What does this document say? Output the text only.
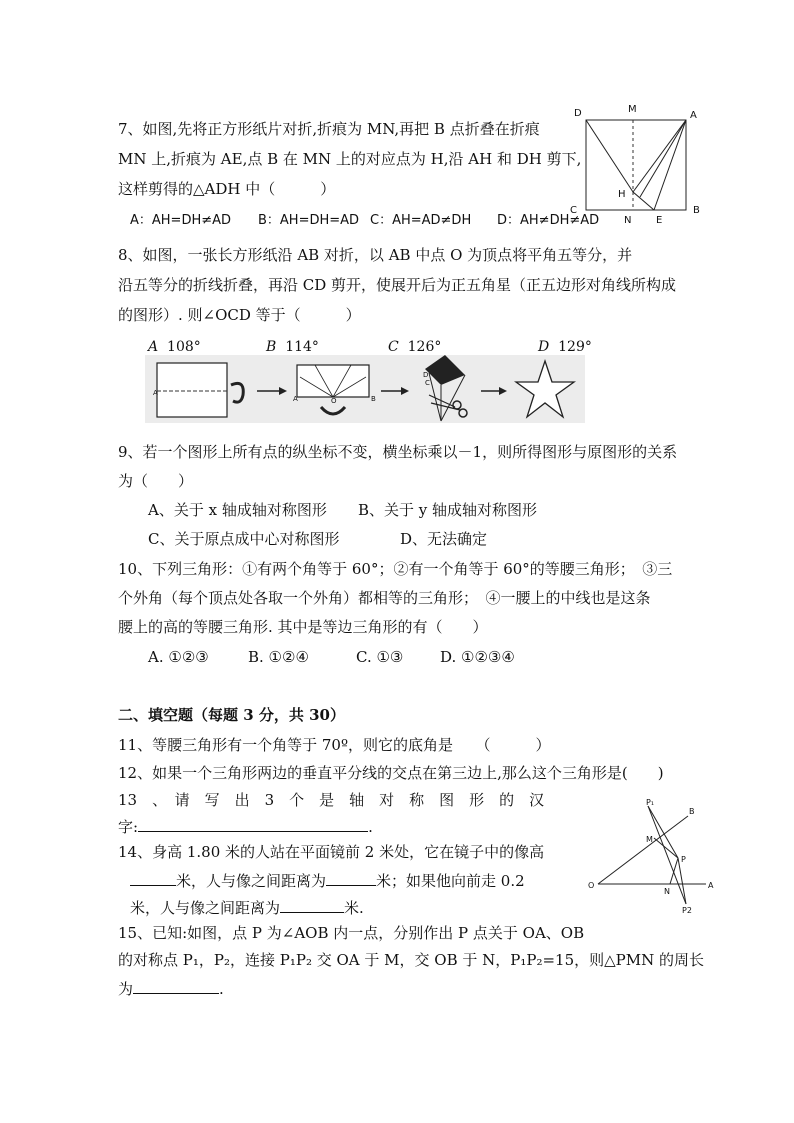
7、如图,先将正方形纸片对折,折痕为 MN,再把 B 点折叠在折痕
MN 上,折痕为 AE,点 B 在 MN 上的对应点为 H,沿 AH 和 DH 剪下,
这样剪得的△ADH 中（　　　）
A：AH=DH≠AD B：AH=DH=AD C：AH=AD≠DH D：AH≠DH≠AD
D	M
A
C
H
N E
B
8、如图，一张长方形纸沿 AB 对折，以 AB 中点 O 为顶点将平角五等分，并
沿五等分的折线折叠，再沿 CD 剪开，使展开后为正五角星（正五边形对角线所构成
的图形）. 则∠OCD 等于（　　　）
A 108°	B 114°	C 126°	D 129°
A
A	O	B
D
C
9、若一个图形上所有点的纵坐标不变，横坐标乘以－1，则所得图形与原图形的关系
为（　　）
A、关于 x 轴成轴对称图形 B、关于 y 轴成轴对称图形
C、关于原点成中心对称图形	D、无法确定
10、下列三角形：①有两个角等于 60°；②有一个角等于 60°的等腰三角形；　③三
个外角（每个顶点处各取一个外角）都相等的三角形；　④一腰上的中线也是这条
腰上的高的等腰三角形. 其中是等边三角形的有（　　）
A. ①②③	B. ①②④	C. ①③ D. ①②③④
二、填空题（每题 3 分，共 30）
11、等腰三角形有一个角等于 70º，则它的底角是　　（　　　）
12、如果一个三角形两边的垂直平分线的交点在第三边上,那么这个三角形是(　　)
13　、　请　写　出　3　个　是　轴　对　称　图　形　的　汉
字:	.
14、身高 1.80 米的人站在平面镜前 2 米处，它在镜子中的像高
米，人与像之间距离为	米；如果他向前走 0.2
米，人与像之间距离为	米.
15、已知:如图，点 P 为∠AOB 内一点，分别作出 P 点关于 OA、OB
的对称点 P₁，P₂，连接 P₁P₂ 交 OA 于 M，交 OB 于 N，P₁P₂=15，则△PMN 的周长
为	.
P₁
B
M
P
O
N
A
P2
